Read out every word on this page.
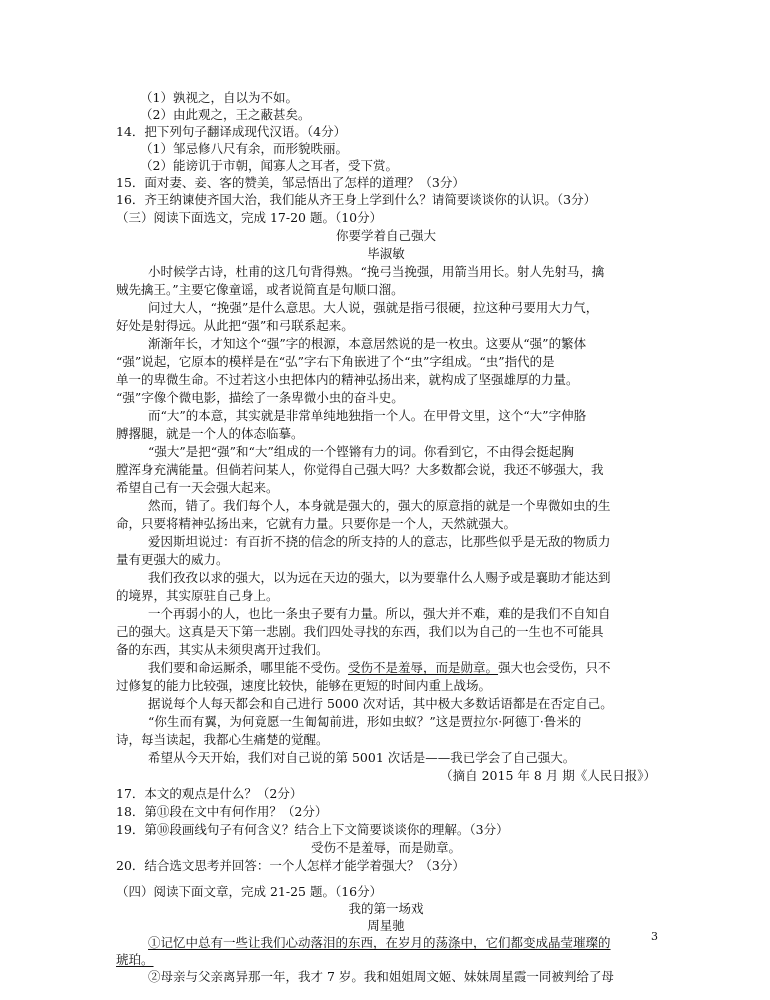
（1）孰视之，自以为不如。
（2）由此观之，王之蔽甚矣。
14．把下列句子翻译成现代汉语。（4分）
（1）邹忌修八尺有余，而形貌昳丽。
（2）能谤讥于市朝，闻寡人之耳者，受下赏。
15．面对妻、妾、客的赞美，邹忌悟出了怎样的道理？（3分）
16．齐王纳谏使齐国大治，我们能从齐王身上学到什么？请简要谈谈你的认识。（3分）
（三）阅读下面选文，完成 17-20 题。（10分）
你要学着自己强大
毕淑敏
小时候学古诗，杜甫的这几句背得熟。“挽弓当挽强，用箭当用长。射人先射马，擒
贼先擒王。”主要它像童谣，或者说简直是句顺口溜。
问过大人，“挽强”是什么意思。大人说，强就是指弓很硬，拉这种弓要用大力气，
好处是射得远。从此把“强”和弓联系起来。
渐渐年长，才知这个“强”字的根源，本意居然说的是一枚虫。这要从“强”的繁体
“强”说起，它原本的模样是在“弘”字右下角嵌进了个“虫”字组成。“虫”指代的是
单一的卑微生命。不过若这小虫把体内的精神弘扬出来，就构成了坚强雄厚的力量。
“强”字像个微电影，描绘了一条卑微小虫的奋斗史。
而“大”的本意，其实就是非常单纯地独指一个人。在甲骨文里，这个“大”字伸胳
膊撂腿，就是一个人的体态临摹。
“强大”是把“强”和“大”组成的一个铿锵有力的词。你看到它，不由得会挺起胸
膛浑身充满能量。但倘若问某人，你觉得自己强大吗？大多数都会说，我还不够强大，我
希望自己有一天会强大起来。
然而，错了。我们每个人，本身就是强大的，强大的原意指的就是一个卑微如虫的生
命，只要将精神弘扬出来，它就有力量。只要你是一个人，天然就强大。
爱因斯坦说过：有百折不挠的信念的所支持的人的意志，比那些似乎是无敌的物质力
量有更强大的威力。
我们孜孜以求的强大，以为远在天边的强大，以为要靠什么人赐予或是襄助才能达到
的境界，其实原驻自己身上。
一个再弱小的人，也比一条虫子要有力量。所以，强大并不难，难的是我们不自知自
己的强大。这真是天下第一悲剧。我们四处寻找的东西，我们以为自己的一生也不可能具
备的东西，其实从未须臾离开过我们。
我们要和命运厮杀，哪里能不受伤。受伤不是羞辱，而是勋章。强大也会受伤，只不
过修复的能力比较强，速度比较快，能够在更短的时间内重上战场。
据说每个人每天都会和自己进行 5000 次对话，其中极大多数话语都是在否定自己。
“你生而有翼，为何竟愿一生匍匐前进，形如虫蚁？”这是贾拉尔·阿德丁·鲁米的
诗，每当读起，我都心生痛楚的觉醒。
希望从今天开始，我们对自己说的第 5001 次话是——我已学会了自己强大。
（摘自 2015 年 8 月 期《人民日报》）
17．本文的观点是什么？（2分）
18．第⑪段在文中有何作用？（2分）
19．第⑩段画线句子有何含义？结合上下文简要谈谈你的理解。（3分）
受伤不是羞辱，而是勋章。
20．结合选文思考并回答：一个人怎样才能学着强大？（3分）
（四）阅读下面文章，完成 21-25 题。（16分）
我的第一场戏
周星驰
①记忆中总有一些让我们心动落泪的东西，在岁月的荡涤中，它们都变成晶莹璀璨的
琥珀。
②母亲与父亲离异那一年，我才 7 岁。我和姐姐周文姬、妹妹周星霞一同被判给了母
3
